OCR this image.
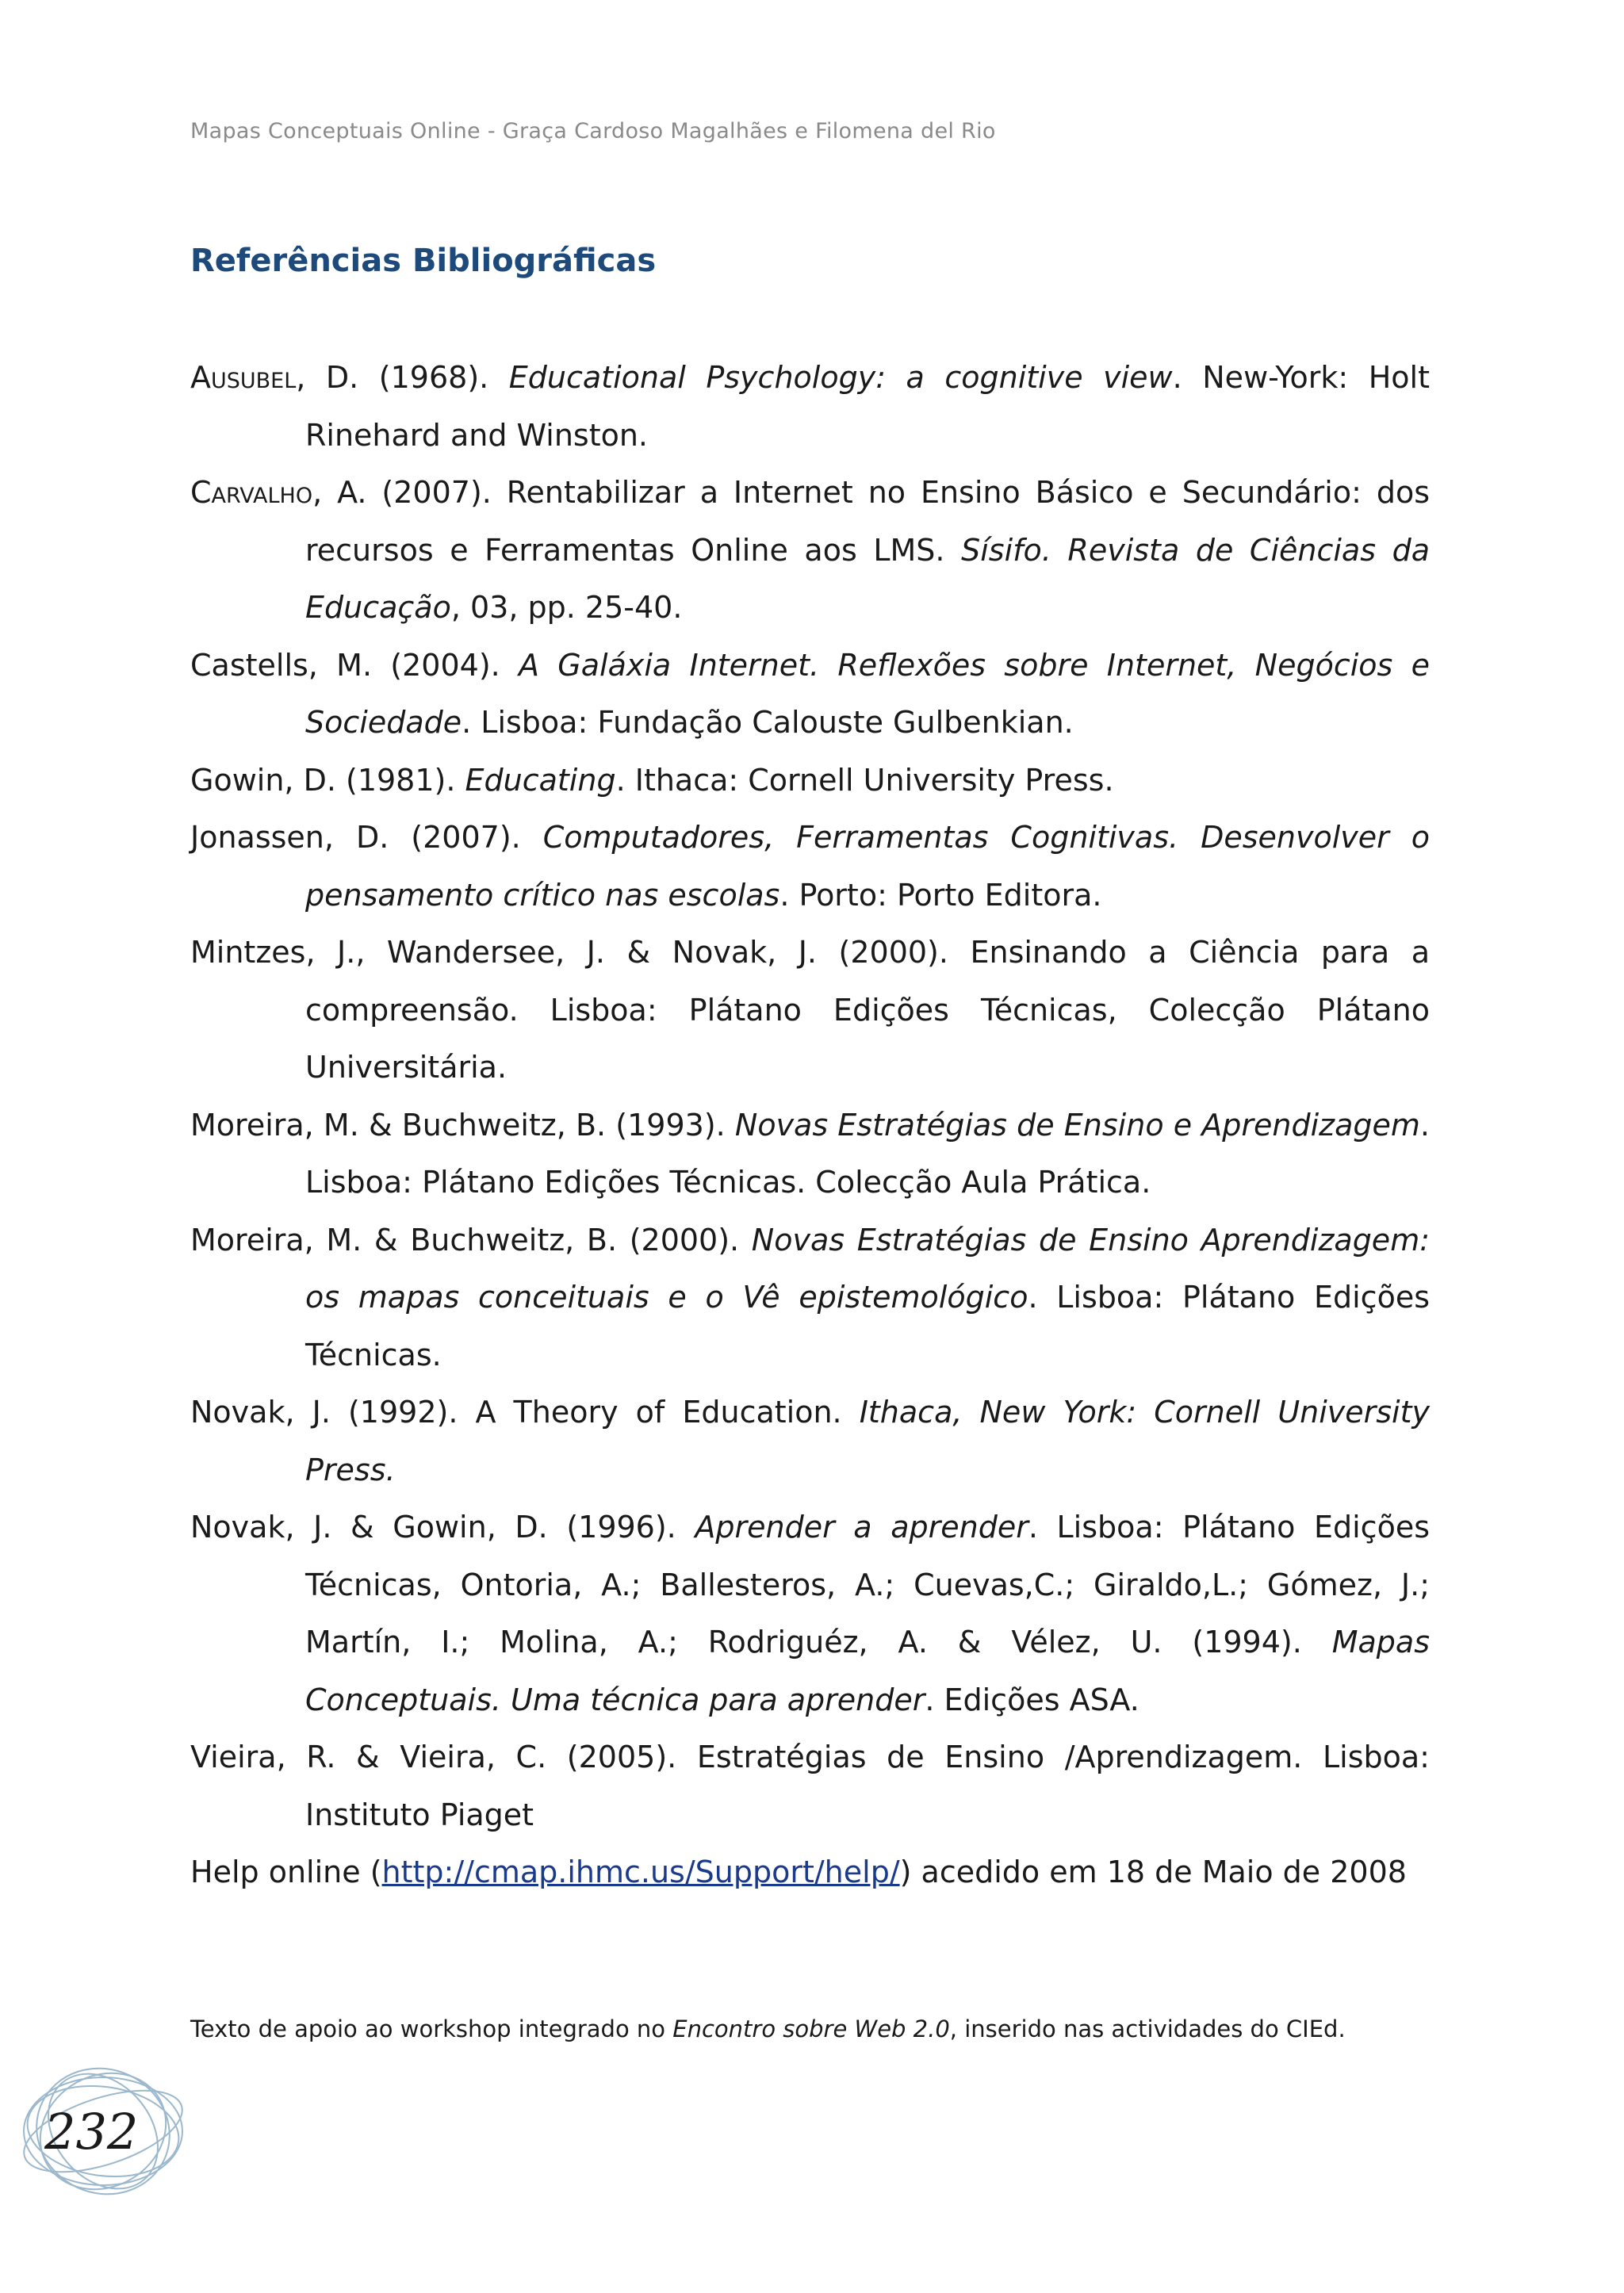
Mapas Conceptuais Online - Graça Cardoso Magalhães e Filomena del Rio
Referências Bibliográficas

Ausubel, D. (1968). Educational Psychology: a cognitive view. New-York: Holt Rinehard and Winston.

Carvalho, A. (2007). Rentabilizar a Internet no Ensino Básico e Secundário: dos recursos e Ferramentas Online aos LMS. Sísifo. Revista de Ciências da Educação, 03, pp. 25-40.

Castells, M. (2004). A Galáxia Internet. Reflexões sobre Internet, Negócios e Sociedade. Lisboa: Fundação Calouste Gulbenkian.

Gowin, D. (1981). Educating. Ithaca: Cornell University Press.

Jonassen, D. (2007). Computadores, Ferramentas Cognitivas. Desenvolver o pensamento crítico nas escolas. Porto: Porto Editora.

Mintzes, J., Wandersee, J. & Novak, J. (2000). Ensinando a Ciência para a compreensão. Lisboa: Plátano Edições Técnicas, Colecção Plátano Universitária.

Moreira, M. & Buchweitz, B. (1993). Novas Estratégias de Ensino e Aprendizagem. Lisboa: Plátano Edições Técnicas. Colecção Aula Prática.

Moreira, M. & Buchweitz, B. (2000). Novas Estratégias de Ensino Aprendizagem: os mapas conceituais e o Vê epistemológico. Lisboa: Plátano Edições Técnicas.

Novak, J. (1992). A Theory of Education. Ithaca, New York: Cornell University Press.

Novak, J. & Gowin, D. (1996). Aprender a aprender. Lisboa: Plátano Edições Técnicas, Ontoria, A.; Ballesteros, A.; Cuevas,C.; Giraldo,L.; Gómez, J.; Martín, I.; Molina, A.; Rodriguéz, A. & Vélez, U. (1994). Mapas Conceptuais. Uma técnica para aprender. Edições ASA.

Vieira, R. & Vieira, C. (2005). Estratégias de Ensino /Aprendizagem. Lisboa: Instituto Piaget

Help online (http://cmap.ihmc.us/Support/help/) acedido em 18 de Maio de 2008

Texto de apoio ao workshop integrado no Encontro sobre Web 2.0, inserido nas actividades do CIEd.
232
